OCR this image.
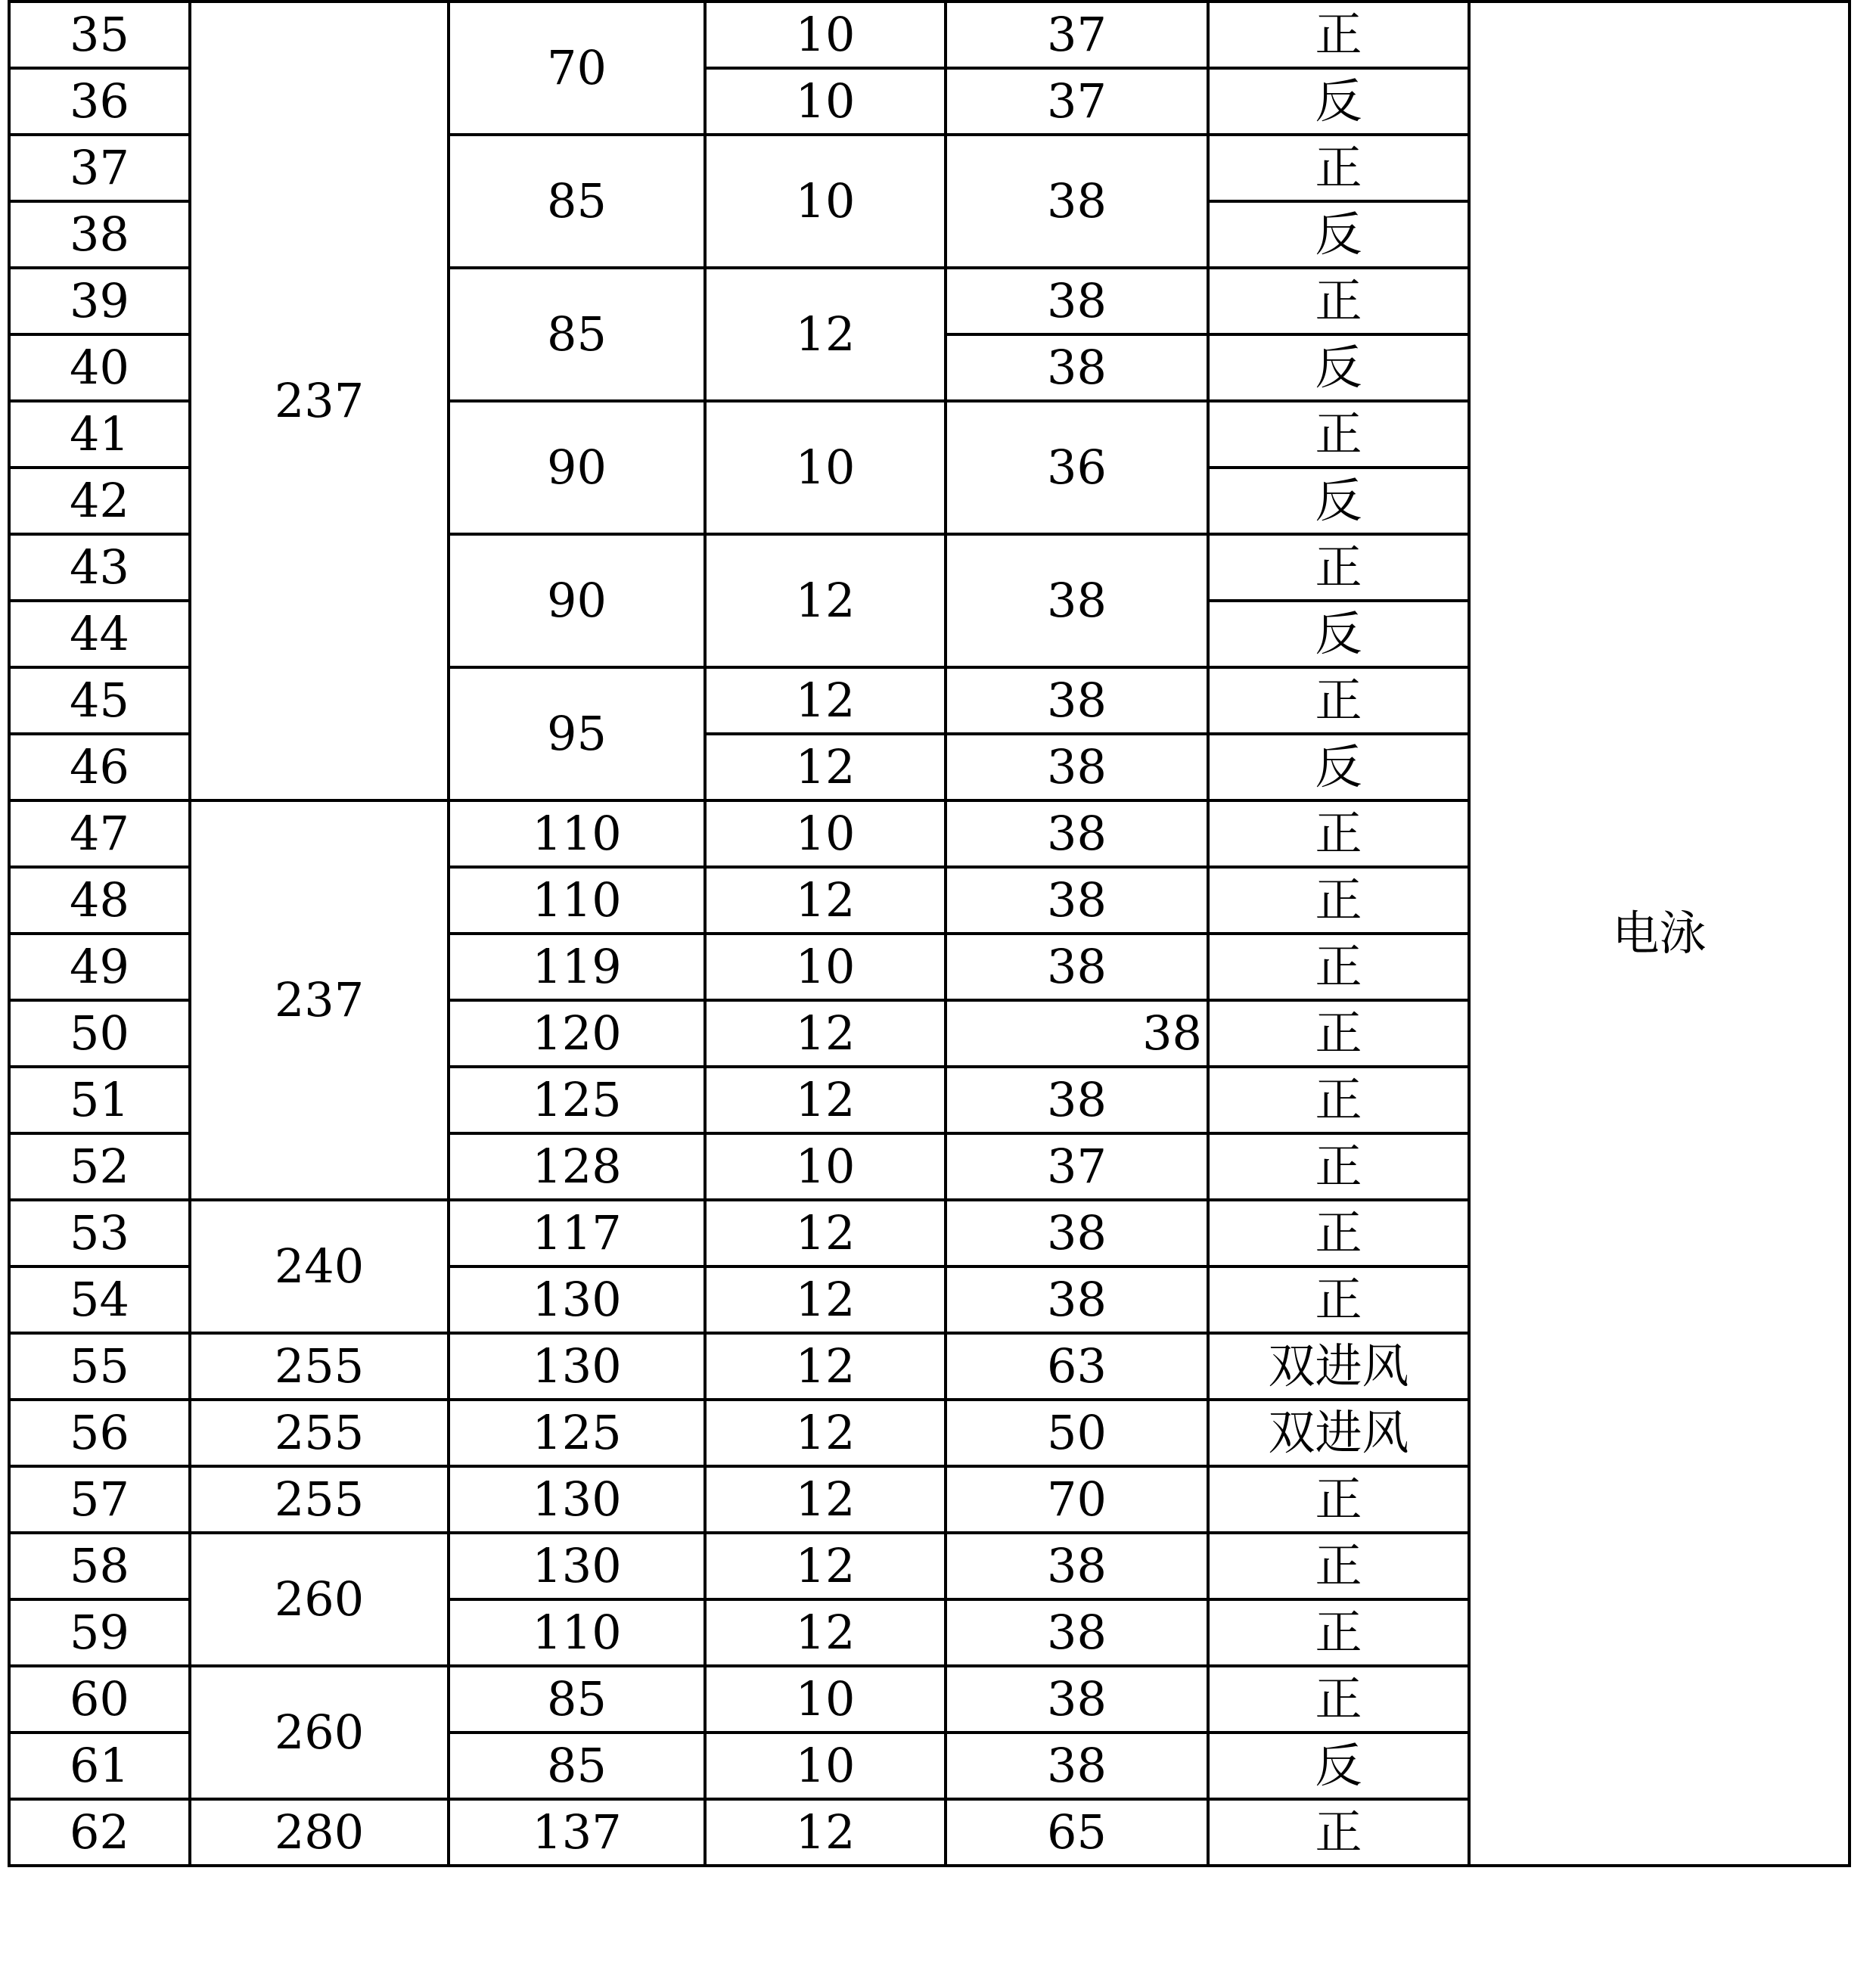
35	237	70	10	37	正	电泳
36			10	37	反	
37		85	10	38	正	
38					反	
39		85	12	38	正	
40				38	反	
41		90	10	36	正	
42					反	
43		90	12	38	正	
44					反	
45		95	12	38	正	
46			12	38	反	
47	237	110	10	38	正	
48		110	12	38	正	
49		119	10	38	正	
50		120	12	38	正	
51		125	12	38	正	
52		128	10	37	正	
53	240	117	12	38	正	
54		130	12	38	正	
55	255	130	12	63	双进风	
56	255	125	12	50	双进风	
57	255	130	12	70	正	
58	260	130	12	38	正	
59		110	12	38	正	
60	260	85	10	38	正	
61		85	10	38	反	
62	280	137	12	65	正	
